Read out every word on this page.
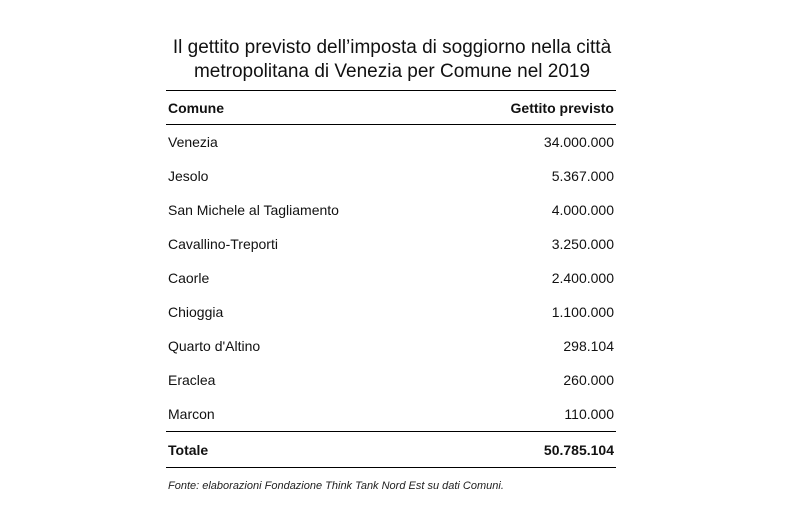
Il gettito previsto dell’imposta di soggiorno nella città
metropolitana di Venezia per Comune nel 2019
Comune	Gettito previsto
Venezia	34.000.000
Jesolo	5.367.000
San Michele al Tagliamento	4.000.000
Cavallino-Treporti	3.250.000
Caorle	2.400.000
Chioggia	1.100.000
Quarto d'Altino	298.104
Eraclea	260.000
Marcon	110.000
Totale	50.785.104
Fonte: elaborazioni Fondazione Think Tank Nord Est su dati Comuni.
